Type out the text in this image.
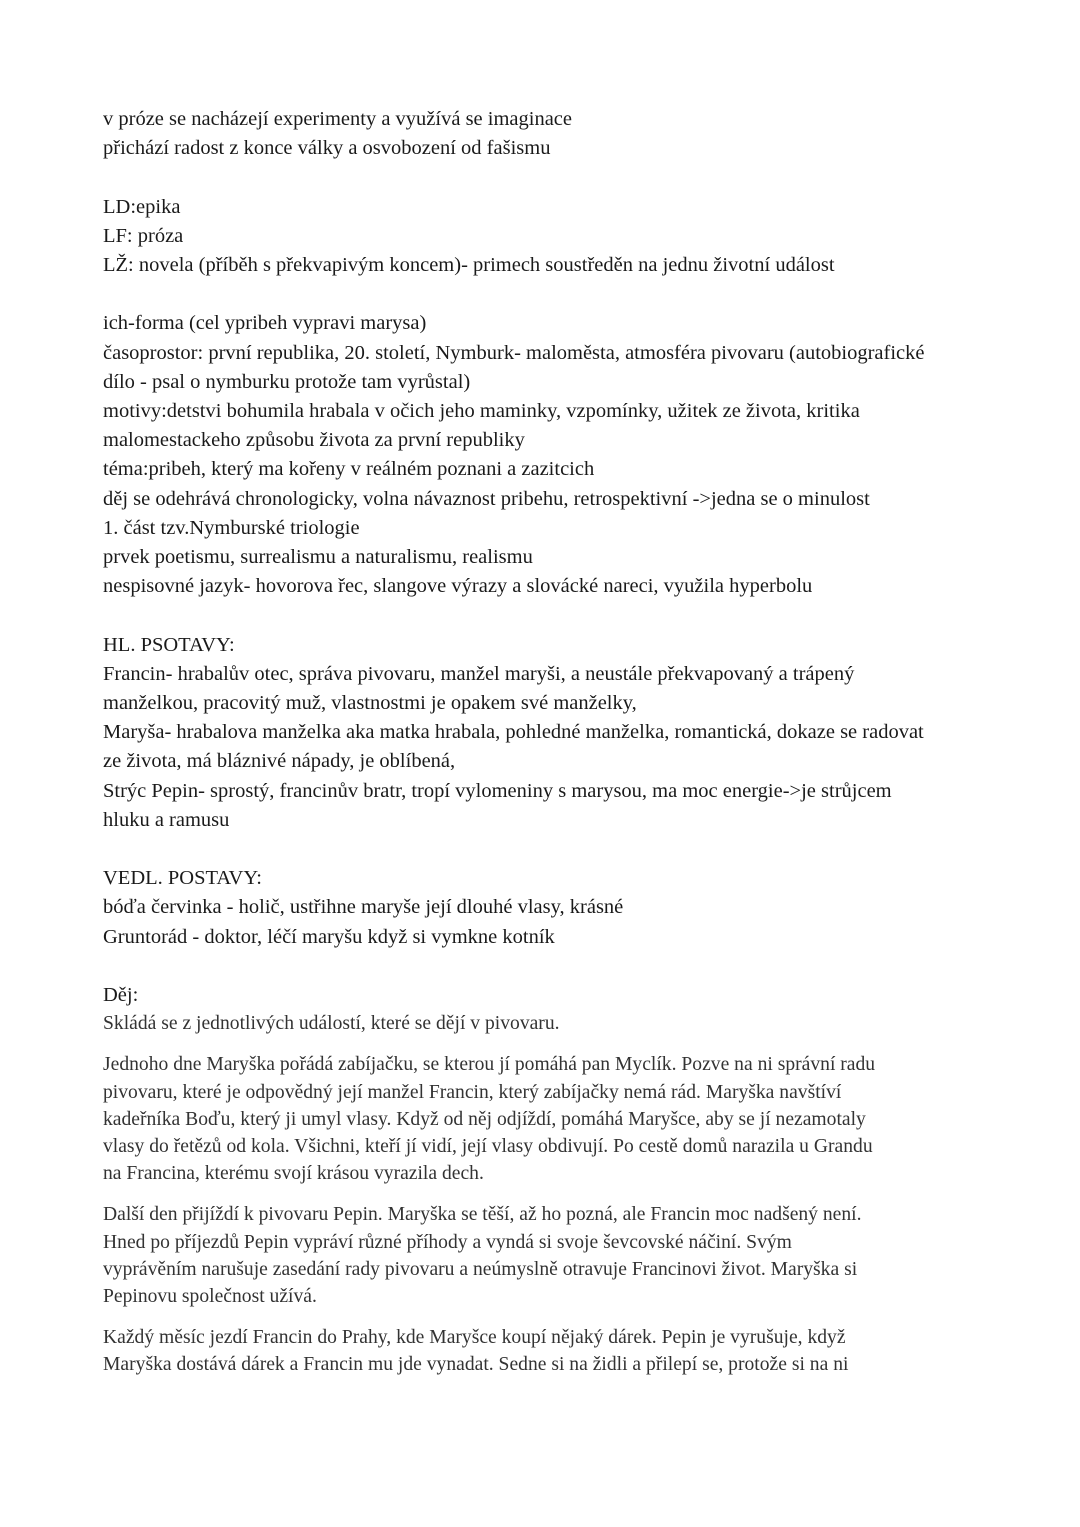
v próze se nacházejí experimenty a využívá se imaginace
přichází radost z konce války a osvobození od fašismu
LD:epika
LF: próza
LŽ: novela (příběh s překvapivým koncem)- primech soustředěn na jednu životní událost
ich-forma (cel ypribeh vypravi marysa)
časoprostor: první republika, 20. století, Nymburk- maloměsta, atmosféra pivovaru (autobiografické
dílo - psal o nymburku protože tam vyrůstal)
motivy:detstvi bohumila hrabala v očich jeho maminky, vzpomínky, užitek ze života, kritika
malomestackeho způsobu života za první republiky
téma:pribeh, který ma kořeny v reálném poznani a zazitcich
děj se odehrává chronologicky, volna návaznost pribehu, retrospektivní ->jedna se o minulost
1. část tzv.Nymburské triologie
prvek poetismu, surrealismu a naturalismu, realismu
nespisovné jazyk- hovorova řec, slangove výrazy a slovácké nareci, využila hyperbolu
HL. PSOTAVY:
Francin- hrabalův otec, správa pivovaru, manžel maryši, a neustále překvapovaný a trápený
manželkou, pracovitý muž, vlastnostmi je opakem své manželky,
Maryša- hrabalova manželka aka matka hrabala, pohledné manželka, romantická, dokaze se radovat
ze života, má bláznivé nápady, je oblíbená,
Strýc Pepin- sprostý, francinův bratr, tropí vylomeniny s marysou, ma moc energie->je strůjcem
hluku a ramusu
VEDL. POSTAVY:
bóďa červinka - holič, ustřihne maryše její dlouhé vlasy, krásné
Gruntorád - doktor, léčí maryšu když si vymkne kotník
Děj:
Skládá se z jednotlivých událostí, které se dějí v pivovaru.
Jednoho dne Maryška pořádá zabíjačku, se kterou jí pomáhá pan Myclík. Pozve na ni správní radu
pivovaru, které je odpovědný její manžel Francin, který zabíjačky nemá rád. Maryška navštíví
kadeřníka Boďu, který ji umyl vlasy. Když od něj odjíždí, pomáhá Maryšce, aby se jí nezamotaly
vlasy do řetězů od kola. Všichni, kteří jí vidí, její vlasy obdivují. Po cestě domů narazila u Grandu
na Francina, kterému svojí krásou vyrazila dech.
Další den přijíždí k pivovaru Pepin. Maryška se těší, až ho pozná, ale Francin moc nadšený není.
Hned po příjezdů Pepin vypráví různé příhody a vyndá si svoje ševcovské náčiní. Svým
vyprávěním narušuje zasedání rady pivovaru a neúmyslně otravuje Francinovi život. Maryška si
Pepinovu společnost užívá.
Každý měsíc jezdí Francin do Prahy, kde Maryšce koupí nějaký dárek. Pepin je vyrušuje, když
Maryška dostává dárek a Francin mu jde vynadat. Sedne si na židli a přilepí se, protože si na ni
